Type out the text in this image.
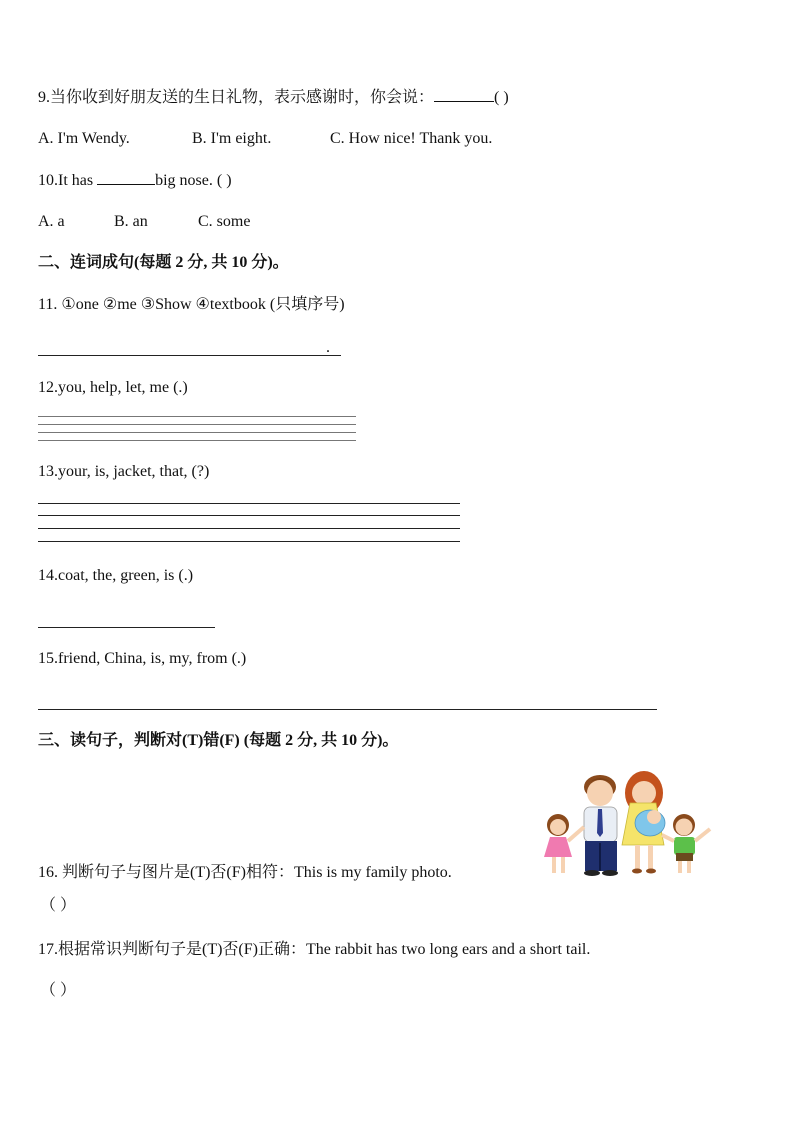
9.当你收到好朋友送的生日礼物，表示感谢时，你会说：	( )
A. I'm Wendy.	B. I'm eight.	C. How nice! Thank you.
10.It has	big nose. ( )
A. a	B. an	C. some
二、连词成句(每题 2 分, 共 10 分)。
11. ①one ②me ③Show ④textbook (只填序号)
.
12.you, help, let, me (.)
13.your, is, jacket, that, (?)
14.coat, the, green, is (.)
15.friend, China, is, my, from (.)
三、读句子，判断对(T)错(F) (每题 2 分, 共 10 分)。
16. 判断句子与图片是(T)否(F)相符：This is my family photo.
（ ）
17.根据常识判断句子是(T)否(F)正确：The rabbit has two long ears and a short tail.
（ ）
